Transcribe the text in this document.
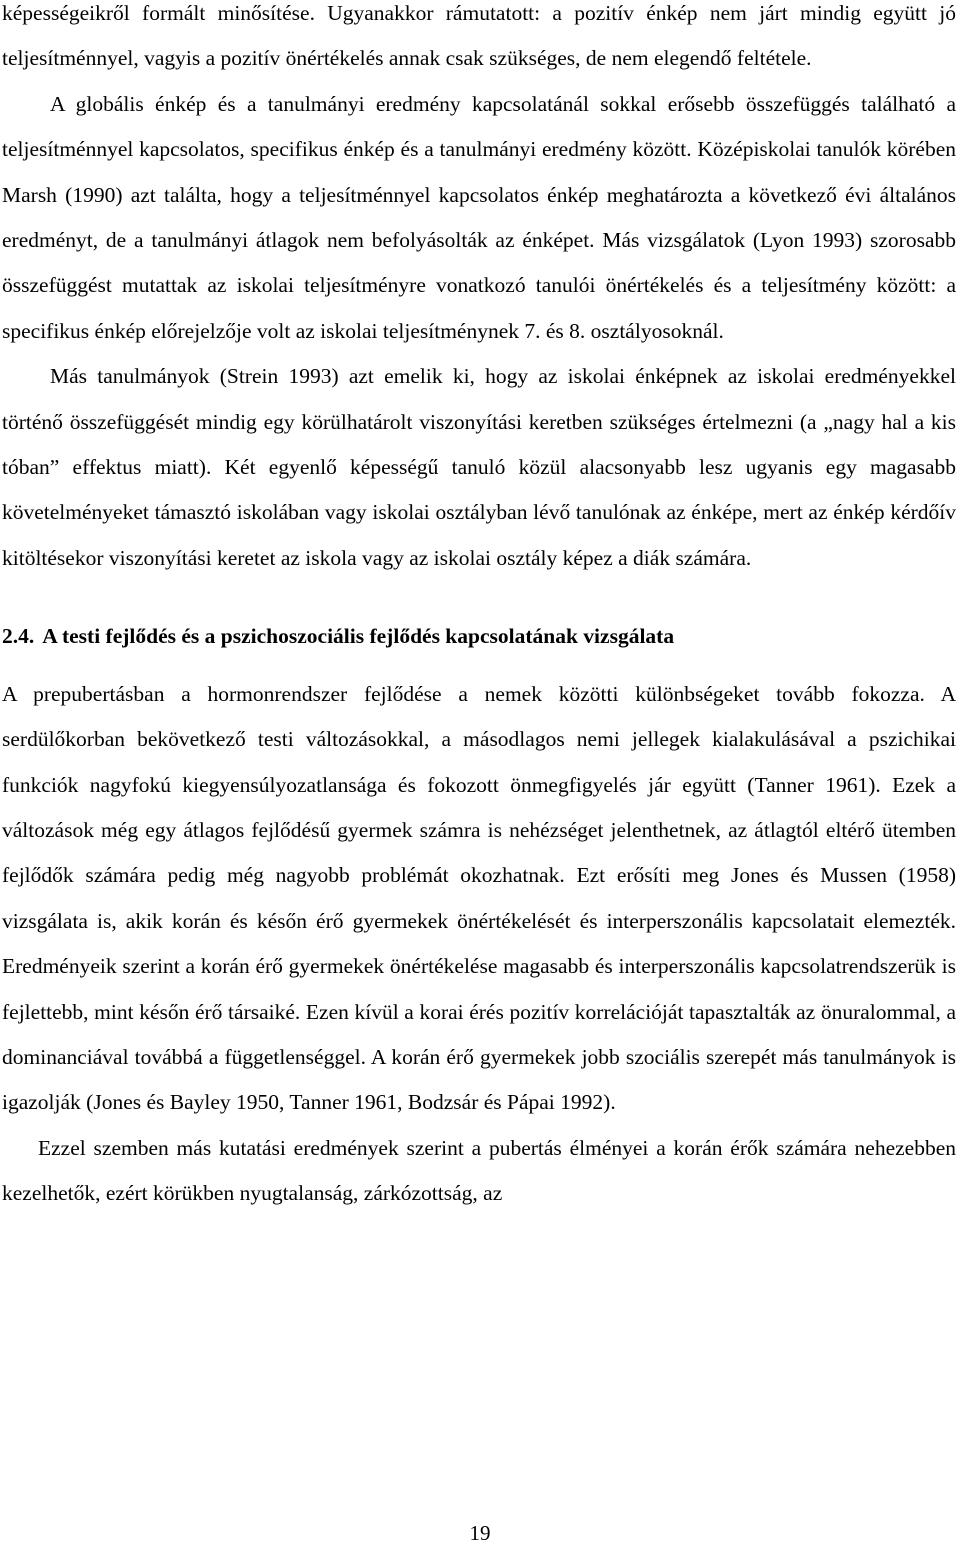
képességeikről formált minősítése. Ugyanakkor rámutatott: a pozitív énkép nem járt mindig együtt jó teljesítménnyel, vagyis a pozitív önértékelés annak csak szükséges, de nem elegendő feltétele.

A globális énkép és a tanulmányi eredmény kapcsolatánál sokkal erősebb összefüggés található a teljesítménnyel kapcsolatos, specifikus énkép és a tanulmányi eredmény között. Középiskolai tanulók körében Marsh (1990) azt találta, hogy a teljesítménnyel kapcsolatos énkép meghatározta a következő évi általános eredményt, de a tanulmányi átlagok nem befolyásolták az énképet. Más vizsgálatok (Lyon 1993) szorosabb összefüggést mutattak az iskolai teljesítményre vonatkozó tanulói önértékelés és a teljesítmény között: a specifikus énkép előrejelzője volt az iskolai teljesítménynek 7. és 8. osztályosoknál.

Más tanulmányok (Strein 1993) azt emelik ki, hogy az iskolai énképnek az iskolai eredményekkel történő összefüggését mindig egy körülhatárolt viszonyítási keretben szükséges értelmezni (a „nagy hal a kis tóban” effektus miatt). Két egyenlő képességű tanuló közül alacsonyabb lesz ugyanis egy magasabb követelményeket támasztó iskolában vagy iskolai osztályban lévő tanulónak az énképe, mert az énkép kérdőív kitöltésekor viszonyítási keretet az iskola vagy az iskolai osztály képez a diák számára.

2.4. A testi fejlődés és a pszichoszociális fejlődés kapcsolatának vizsgálata

A prepubertásban a hormonrendszer fejlődése a nemek közötti különbségeket tovább fokozza. A serdülőkorban bekövetkező testi változásokkal, a másodlagos nemi jellegek kialakulásával a pszichikai funkciók nagyfokú kiegyensúlyozatlansága és fokozott önmegfigyelés jár együtt (Tanner 1961). Ezek a változások még egy átlagos fejlődésű gyermek számra is nehézséget jelenthetnek, az átlagtól eltérő ütemben fejlődők számára pedig még nagyobb problémát okozhatnak. Ezt erősíti meg Jones és Mussen (1958) vizsgálata is, akik korán és későn érő gyermekek önértékelését és interperszonális kapcsolatait elemezték. Eredményeik szerint a korán érő gyermekek önértékelése magasabb és interperszonális kapcsolatrendszerük is fejlettebb, mint későn érő társaiké. Ezen kívül a korai érés pozitív korrelációját tapasztalták az önuralommal, a dominanciával továbbá a függetlenséggel. A korán érő gyermekek jobb szociális szerepét más tanulmányok is igazolják (Jones és Bayley 1950, Tanner 1961, Bodzsár és Pápai 1992).

Ezzel szemben más kutatási eredmények szerint a pubertás élményei a korán érők számára nehezebben kezelhetők, ezért körükben nyugtalanság, zárkózottság, az

19
